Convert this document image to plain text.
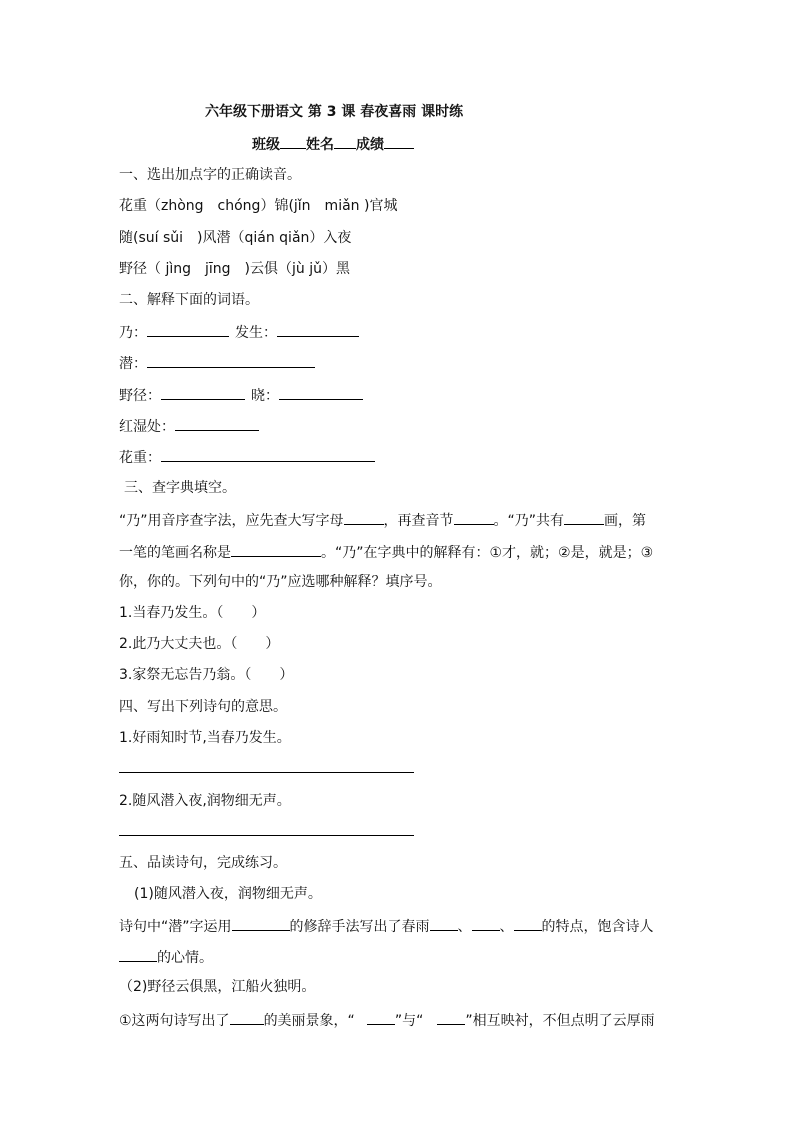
六年级下册语文 第 3 课 春夜喜雨 课时练
班级 姓名 成绩
一、选出加点字的正确读音。
花重（zhòng　chóng）锦(jǐn　miǎn )官城
随(suí sǔi　)风潜（qián qiǎn）入夜
野径（ jìng　jīng　)云俱（jù jǔ）黑
二、解释下面的词语。
乃：	发生：
潜：
野径：	晓：
红湿处：
花重：
三、查字典填空。
“乃”用音序查字法，应先查大写字母	，再查音节	。“乃”共有	画，第
一笔的笔画名称是	。“乃”在字典中的解释有：①才，就；②是，就是；③
你，你的。下列句中的“乃”应选哪种解释？填序号。
1.当春乃发生。（　　）
2.此乃大丈夫也。（　　）
3.家祭无忘告乃翁。（　　）
四、写出下列诗句的意思。
1.好雨知时节,当春乃发生。
2.随风潜入夜,润物细无声。
五、品读诗句，完成练习。
(1)随风潜入夜，润物细无声。
诗句中“潜”字运用	的修辞手法写出了春雨 、 、 的特点，饱含诗人
的心情。
（2)野径云俱黑，江船火独明。
①这两句诗写出了 的美丽景象，“	”与“	”相互映衬，不但点明了云厚雨
